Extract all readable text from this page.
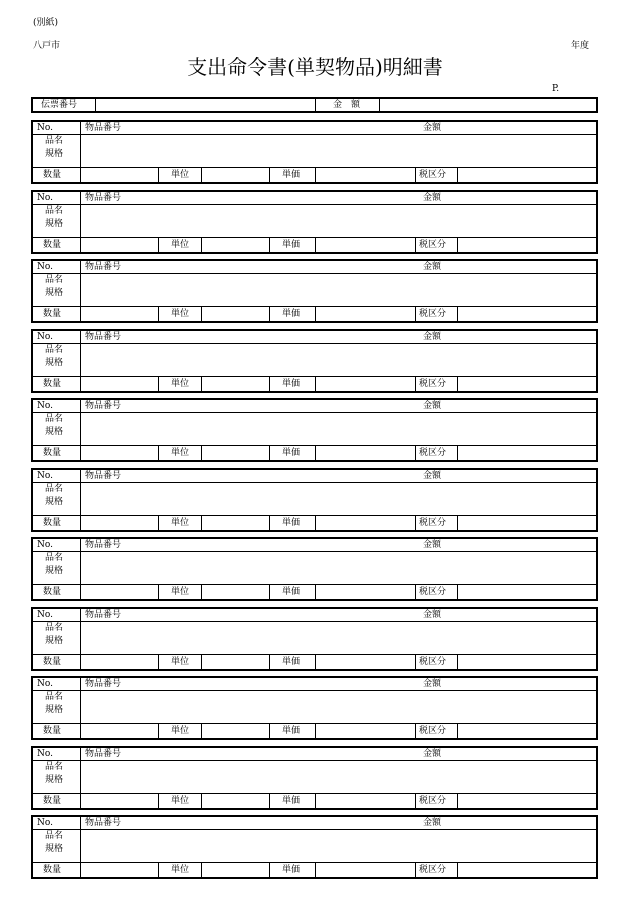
(別紙)
八戸市	年度
支出命令書(単契物品)明細書
P.
伝票番号	金　額
No.	物品番号	金額
品名
規格
数量	単位	単価	税区分
No.	物品番号	金額
品名
規格
数量	単位	単価	税区分
No.	物品番号	金額
品名
規格
数量	単位	単価	税区分
No.	物品番号	金額
品名
規格
数量	単位	単価	税区分
No.	物品番号	金額
品名
規格
数量	単位	単価	税区分
No.	物品番号	金額
品名
規格
数量	単位	単価	税区分
No.	物品番号	金額
品名
規格
数量	単位	単価	税区分
No.	物品番号	金額
品名
規格
数量	単位	単価	税区分
No.	物品番号	金額
品名
規格
数量	単位	単価	税区分
No.	物品番号	金額
品名
規格
数量	単位	単価	税区分
No.	物品番号	金額
品名
規格
数量	単位	単価	税区分
